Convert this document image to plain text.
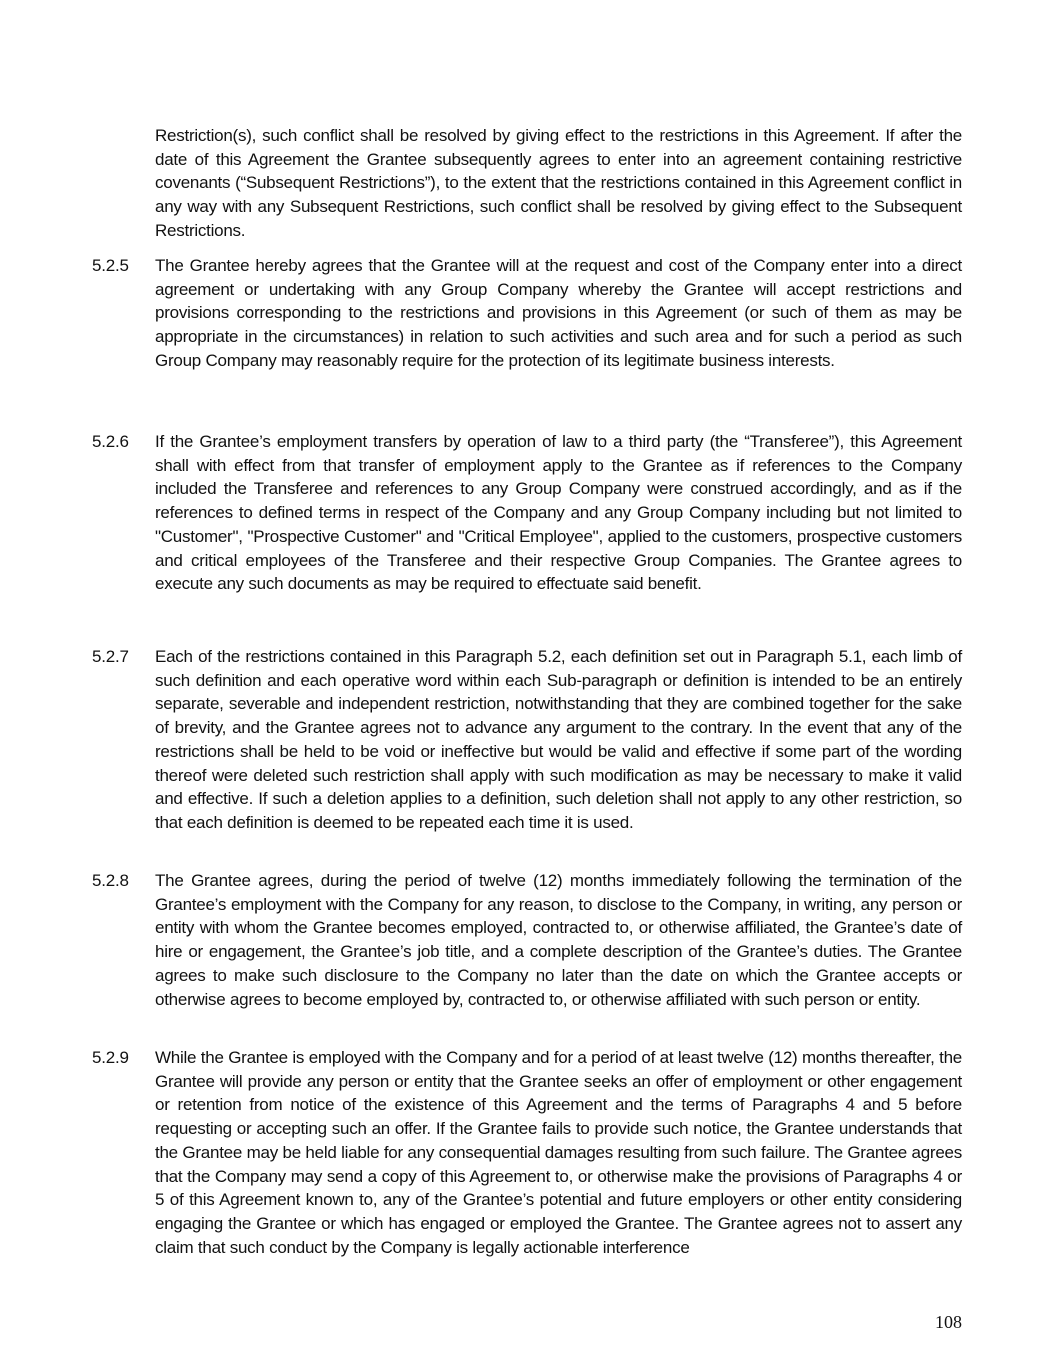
Restriction(s), such conflict shall be resolved by giving effect to the restrictions in this Agreement. If after the date of this Agreement the Grantee subsequently agrees to enter into an agreement containing restrictive covenants (“Subsequent Restrictions”), to the extent that the restrictions contained in this Agreement conflict in any way with any Subsequent Restrictions, such conflict shall be resolved by giving effect to the Subsequent Restrictions.
5.2.5	The Grantee hereby agrees that the Grantee will at the request and cost of the Company enter into a direct agreement or undertaking with any Group Company whereby the Grantee will accept restrictions and provisions corresponding to the restrictions and provisions in this Agreement (or such of them as may be appropriate in the circumstances) in relation to such activities and such area and for such a period as such Group Company may reasonably require for the protection of its legitimate business interests.
5.2.6	If the Grantee’s employment transfers by operation of law to a third party (the “Transferee”), this Agreement shall with effect from that transfer of employment apply to the Grantee as if references to the Company included the Transferee and references to any Group Company were construed accordingly, and as if the references to defined terms in respect of the Company and any Group Company including but not limited to "Customer", "Prospective Customer" and "Critical Employee", applied to the customers, prospective customers and critical employees of the Transferee and their respective Group Companies. The Grantee agrees to execute any such documents as may be required to effectuate said benefit.
5.2.7	Each of the restrictions contained in this Paragraph 5.2, each definition set out in Paragraph 5.1, each limb of such definition and each operative word within each Sub-paragraph or definition is intended to be an entirely separate, severable and independent restriction, notwithstanding that they are combined together for the sake of brevity, and the Grantee agrees not to advance any argument to the contrary. In the event that any of the restrictions shall be held to be void or ineffective but would be valid and effective if some part of the wording thereof were deleted such restriction shall apply with such modification as may be necessary to make it valid and effective. If such a deletion applies to a definition, such deletion shall not apply to any other restriction, so that each definition is deemed to be repeated each time it is used.
5.2.8	The Grantee agrees, during the period of twelve (12) months immediately following the termination of the Grantee’s employment with the Company for any reason, to disclose to the Company, in writing, any person or entity with whom the Grantee becomes employed, contracted to, or otherwise affiliated, the Grantee’s date of hire or engagement, the Grantee’s job title, and a complete description of the Grantee’s duties. The Grantee agrees to make such disclosure to the Company no later than the date on which the Grantee accepts or otherwise agrees to become employed by, contracted to, or otherwise affiliated with such person or entity.
5.2.9	While the Grantee is employed with the Company and for a period of at least twelve (12) months thereafter, the Grantee will provide any person or entity that the Grantee seeks an offer of employment or other engagement or retention from notice of the existence of this Agreement and the terms of Paragraphs 4 and 5 before requesting or accepting such an offer. If the Grantee fails to provide such notice, the Grantee understands that the Grantee may be held liable for any consequential damages resulting from such failure. The Grantee agrees that the Company may send a copy of this Agreement to, or otherwise make the provisions of Paragraphs 4 or 5 of this Agreement known to, any of the Grantee’s potential and future employers or other entity considering engaging the Grantee or which has engaged or employed the Grantee. The Grantee agrees not to assert any claim that such conduct by the Company is legally actionable interference
108
